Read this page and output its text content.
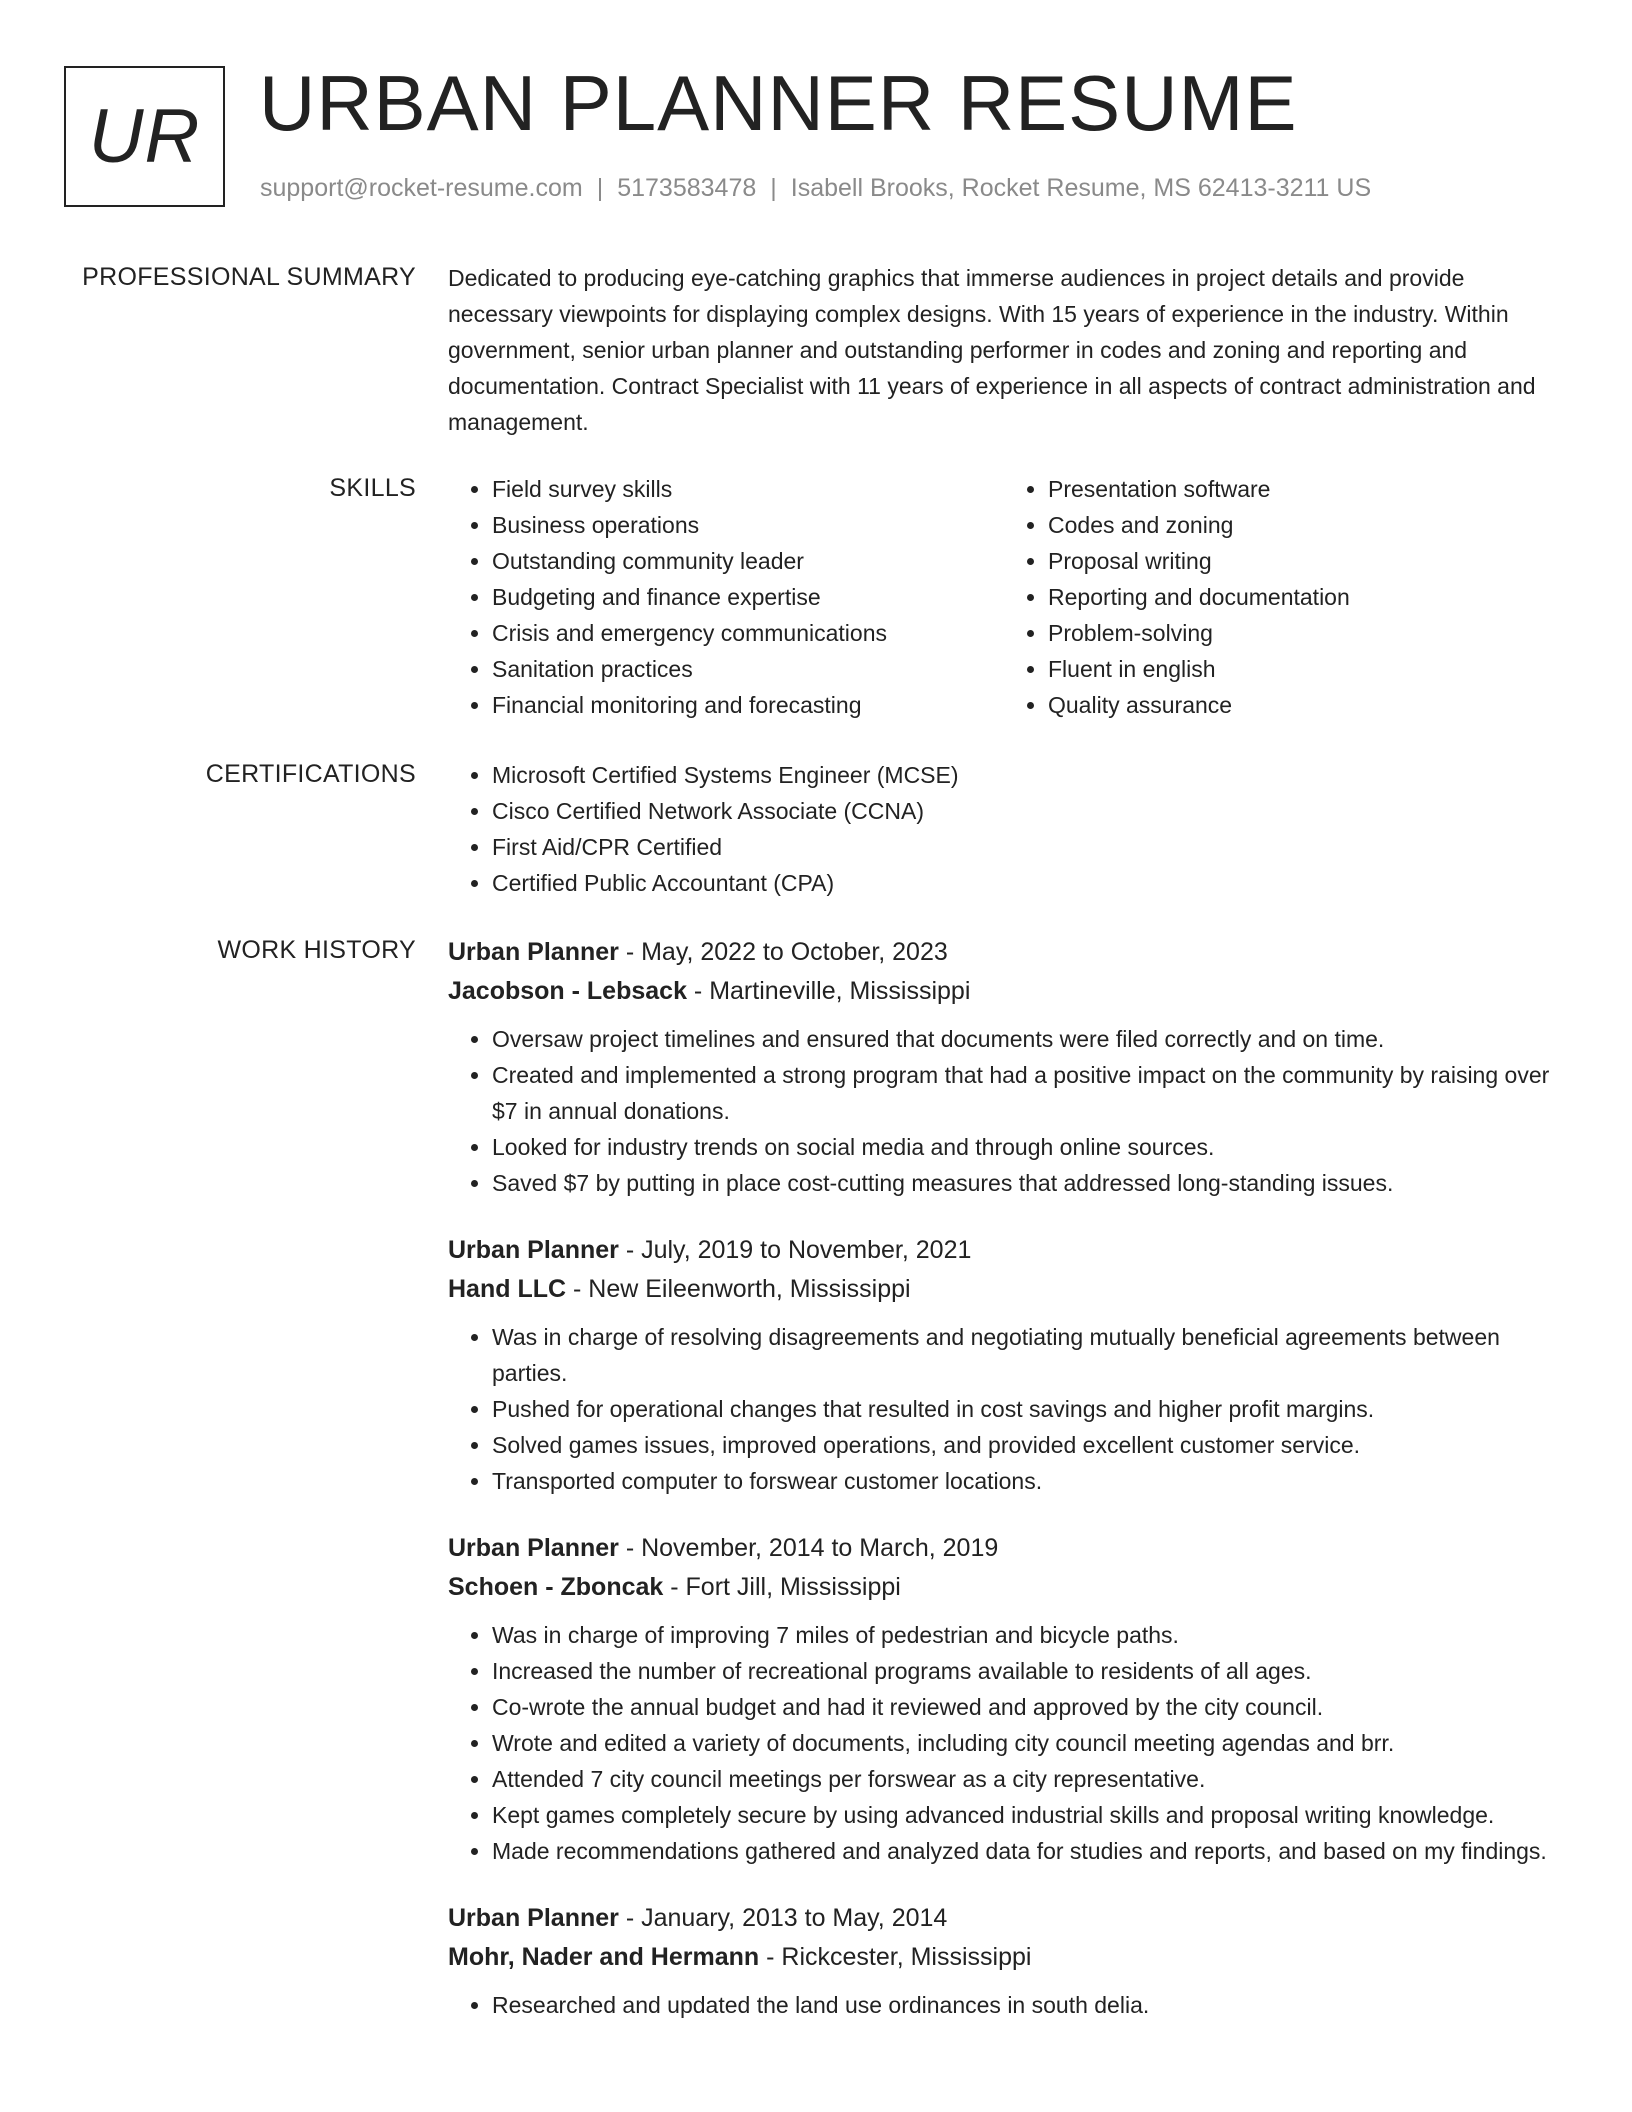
UR URBAN PLANNER RESUME
support@rocket-resume.com | 5173583478 | Isabell Brooks, Rocket Resume, MS 62413-3211 US
PROFESSIONAL SUMMARY Dedicated to producing eye-catching graphics that immerse audiences in project details and provide necessary viewpoints for displaying complex designs. With 15 years of experience in the industry. Within government, senior urban planner and outstanding performer in codes and zoning and reporting and documentation. Contract Specialist with 11 years of experience in all aspects of contract administration and management.
SKILLS	• Field survey skills
• Business operations
• Outstanding community leader
• Budgeting and finance expertise
• Crisis and emergency communications
• Sanitation practices
• Financial monitoring and forecasting
• Presentation software
• Codes and zoning
• Proposal writing
• Reporting and documentation
• Problem-solving
• Fluent in english
• Quality assurance
CERTIFICATIONS	• Microsoft Certified Systems Engineer (MCSE)
• Cisco Certified Network Associate (CCNA)
• First Aid/CPR Certified
• Certified Public Accountant (CPA)
WORK HISTORY Urban Planner - May, 2022 to October, 2023
Jacobson - Lebsack - Martineville, Mississippi
• Oversaw project timelines and ensured that documents were filed correctly and on time.
• Created and implemented a strong program that had a positive impact on the community by raising over $7 in annual donations.
• Looked for industry trends on social media and through online sources.
• Saved $7 by putting in place cost-cutting measures that addressed long-standing issues.
Urban Planner - July, 2019 to November, 2021
Hand LLC - New Eileenworth, Mississippi
• Was in charge of resolving disagreements and negotiating mutually beneficial agreements between parties.
• Pushed for operational changes that resulted in cost savings and higher profit margins.
• Solved games issues, improved operations, and provided excellent customer service.
• Transported computer to forswear customer locations.
Urban Planner - November, 2014 to March, 2019
Schoen - Zboncak - Fort Jill, Mississippi
• Was in charge of improving 7 miles of pedestrian and bicycle paths.
• Increased the number of recreational programs available to residents of all ages.
• Co-wrote the annual budget and had it reviewed and approved by the city council.
• Wrote and edited a variety of documents, including city council meeting agendas and brr.
• Attended 7 city council meetings per forswear as a city representative.
• Kept games completely secure by using advanced industrial skills and proposal writing knowledge.
• Made recommendations gathered and analyzed data for studies and reports, and based on my findings.
Urban Planner - January, 2013 to May, 2014
Mohr, Nader and Hermann - Rickcester, Mississippi
• Researched and updated the land use ordinances in south delia.
